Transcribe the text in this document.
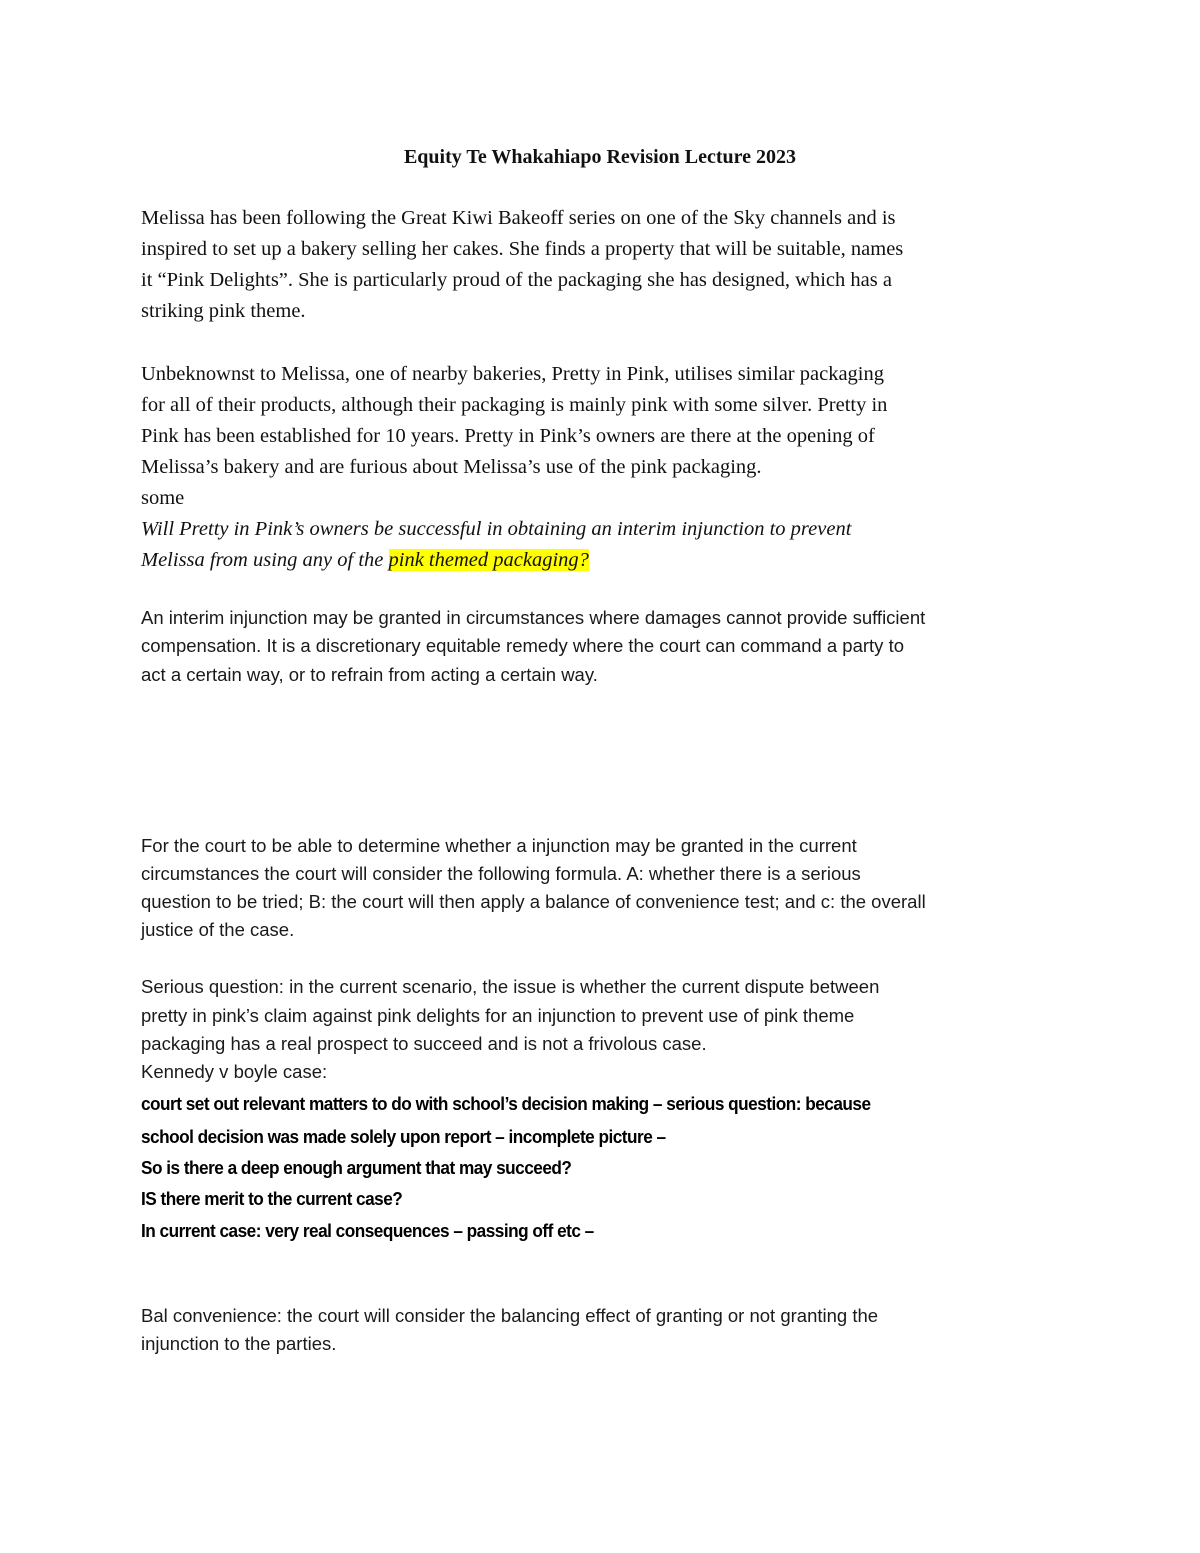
Equity Te Whakahiapo Revision Lecture 2023
Melissa has been following the Great Kiwi Bakeoff series on one of the Sky channels and is
inspired to set up a bakery selling her cakes. She finds a property that will be suitable, names
it “Pink Delights”. She is particularly proud of the packaging she has designed, which has a
striking pink theme.
Unbeknownst to Melissa, one of nearby bakeries, Pretty in Pink, utilises similar packaging
for all of their products, although their packaging is mainly pink with some silver. Pretty in
Pink has been established for 10 years. Pretty in Pink’s owners are there at the opening of
Melissa’s bakery and are furious about Melissa’s use of the pink packaging.
some
Will Pretty in Pink’s owners be successful in obtaining an interim injunction to prevent
Melissa from using any of the pink themed packaging?
An interim injunction may be granted in circumstances where damages cannot provide sufficient
compensation. It is a discretionary equitable remedy where the court can command a party to
act a certain way, or to refrain from acting a certain way.
For the court to be able to determine whether a injunction may be granted in the current
circumstances the court will consider the following formula. A: whether there is a serious
question to be tried; B: the court will then apply a balance of convenience test; and c: the overall
justice of the case.
Serious question: in the current scenario, the issue is whether the current dispute between
pretty in pink’s claim against pink delights for an injunction to prevent use of pink theme
packaging has a real prospect to succeed and is not a frivolous case.
Kennedy v boyle case:
court set out relevant matters to do with school’s decision making – serious question: because
school decision was made solely upon report – incomplete picture –
So is there a deep enough argument that may succeed?
IS there merit to the current case?
In current case: very real consequences – passing off etc –
Bal convenience: the court will consider the balancing effect of granting or not granting the
injunction to the parties.
